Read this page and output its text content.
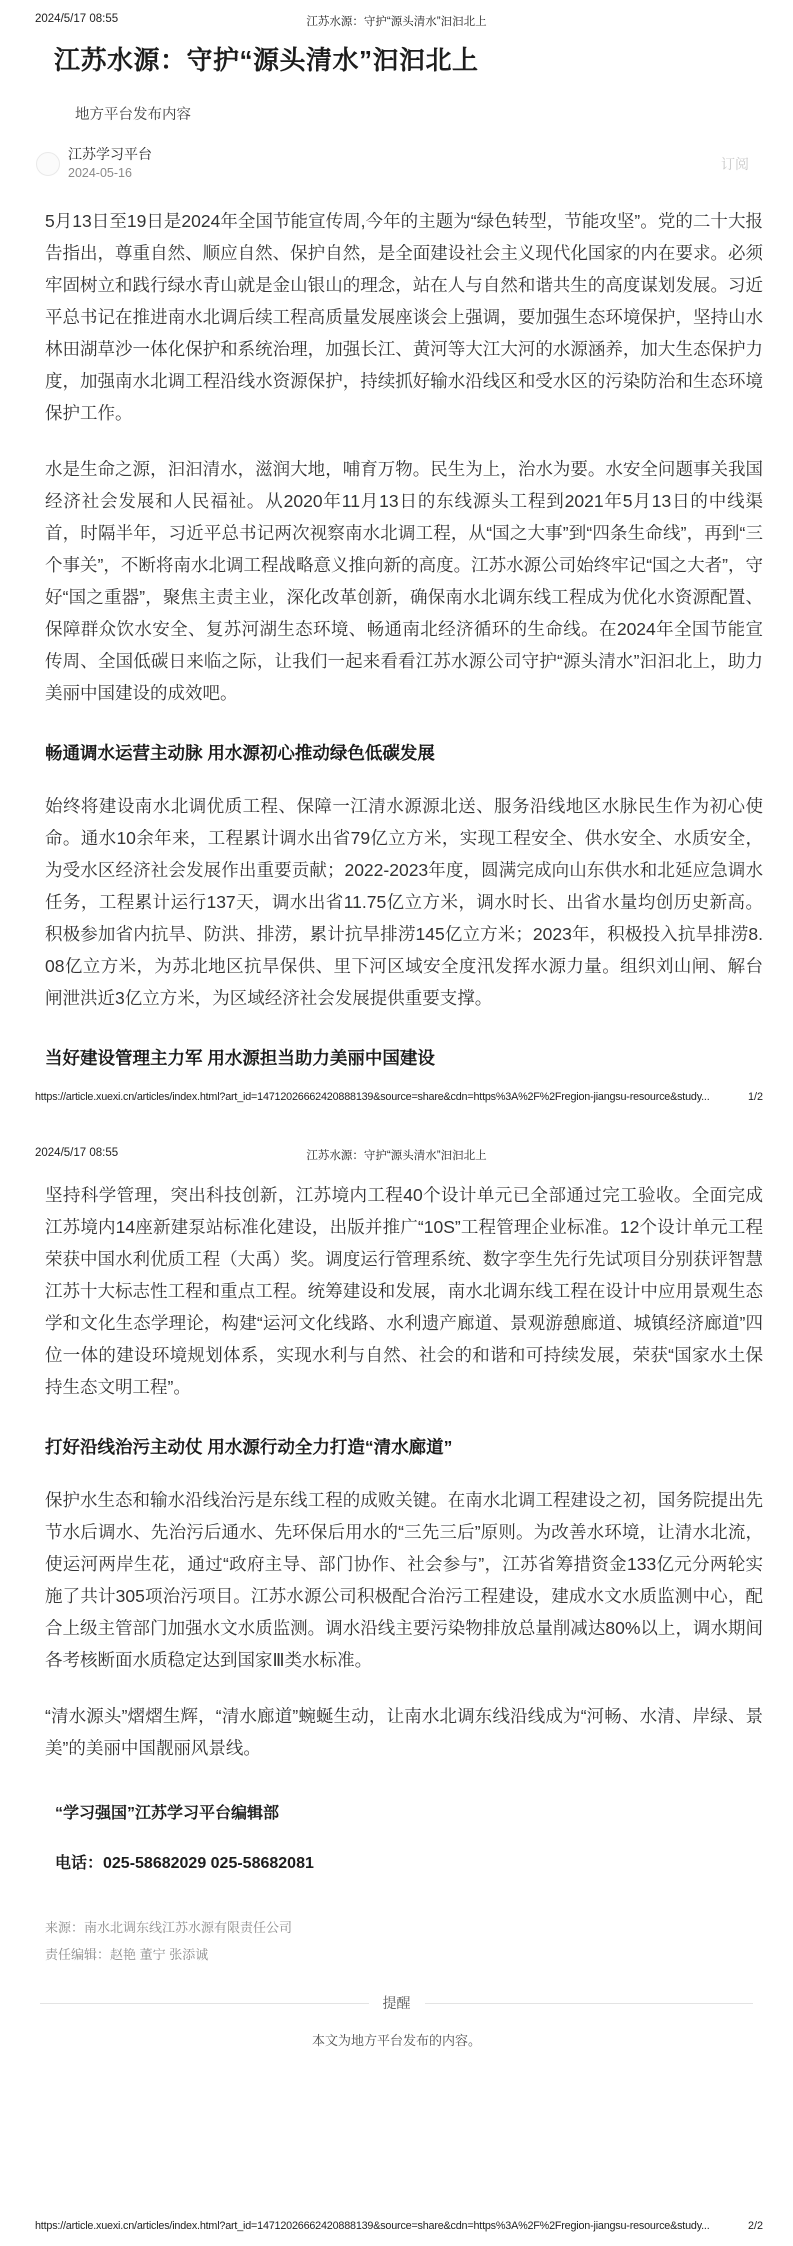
江苏水源：守护“源头清水”汩汩北上
2024/5/17 08:55
江苏水源：守护“源头清水”汩汩北上
地方平台发布内容
江苏学习平台
2024-05-16
订阅

5月13日至19日是2024年全国节能宣传周,今年的主题为“绿色转型，节能攻坚”。党的二十大报告指出，尊重自然、顺应自然、保护自然，是全面建设社会主义现代化国家的内在要求。必须牢固树立和践行绿水青山就是金山银山的理念，站在人与自然和谐共生的高度谋划发展。习近平总书记在推进南水北调后续工程高质量发展座谈会上强调，要加强生态环境保护，坚持山水林田湖草沙一体化保护和系统治理，加强长江、黄河等大江大河的水源涵养，加大生态保护力度，加强南水北调工程沿线水资源保护，持续抓好输水沿线区和受水区的污染防治和生态环境保护工作。

水是生命之源，汩汩清水，滋润大地，哺育万物。民生为上，治水为要。水安全问题事关我国经济社会发展和人民福祉。从2020年11月13日的东线源头工程到2021年5月13日的中线渠首，时隔半年，习近平总书记两次视察南水北调工程，从“国之大事”到“四条生命线”，再到“三个事关”，不断将南水北调工程战略意义推向新的高度。江苏水源公司始终牢记“国之大者”，守好“国之重器”，聚焦主责主业，深化改革创新，确保南水北调东线工程成为优化水资源配置、保障群众饮水安全、复苏河湖生态环境、畅通南北经济循环的生命线。在2024年全国节能宣传周、全国低碳日来临之际，让我们一起来看看江苏水源公司守护“源头清水”汩汩北上，助力美丽中国建设的成效吧。

畅通调水运营主动脉 用水源初心推动绿色低碳发展

始终将建设南水北调优质工程、保障一江清水源源北送、服务沿线地区水脉民生作为初心使命。通水10余年来，工程累计调水出省79亿立方米，实现工程安全、供水安全、水质安全，为受水区经济社会发展作出重要贡献；2022-2023年度，圆满完成向山东供水和北延应急调水任务，工程累计运行137天，调水出省11.75亿立方米，调水时长、出省水量均创历史新高。积极参加省内抗旱、防洪、排涝，累计抗旱排涝145亿立方米；2023年，积极投入抗旱排涝8.08亿立方米，为苏北地区抗旱保供、里下河区域安全度汛发挥水源力量。组织刘山闸、解台闸泄洪近3亿立方米，为区域经济社会发展提供重要支撑。

当好建设管理主力军 用水源担当助力美丽中国建设
https://article.xuexi.cn/articles/index.html?art_id=14712026662420888139&source=share&cdn=https%3A%2F%2Fregion-jiangsu-resource&study...	1/2
江苏水源：守护“源头清水”汩汩北上
2024/5/17 08:55

坚持科学管理，突出科技创新，江苏境内工程40个设计单元已全部通过完工验收。全面完成江苏境内14座新建泵站标准化建设，出版并推广“10S”工程管理企业标准。12个设计单元工程荣获中国水利优质工程（大禹）奖。调度运行管理系统、数字孪生先行先试项目分别获评智慧江苏十大标志性工程和重点工程。统筹建设和发展，南水北调东线工程在设计中应用景观生态学和文化生态学理论，构建“运河文化线路、水利遗产廊道、景观游憩廊道、城镇经济廊道”四位一体的建设环境规划体系，实现水利与自然、社会的和谐和可持续发展，荣获“国家水土保持生态文明工程”。

打好沿线治污主动仗 用水源行动全力打造“清水廊道”

保护水生态和输水沿线治污是东线工程的成败关键。在南水北调工程建设之初，国务院提出先节水后调水、先治污后通水、先环保后用水的“三先三后”原则。为改善水环境，让清水北流，使运河两岸生花，通过“政府主导、部门协作、社会参与”，江苏省筹措资金133亿元分两轮实施了共计305项治污项目。江苏水源公司积极配合治污工程建设，建成水文水质监测中心，配合上级主管部门加强水文水质监测。调水沿线主要污染物排放总量削减达80%以上，调水期间各考核断面水质稳定达到国家Ⅲ类水标准。

“清水源头”熠熠生辉，“清水廊道”蜿蜒生动，让南水北调东线沿线成为“河畅、水清、岸绿、景美”的美丽中国靓丽风景线。

“学习强国”江苏学习平台编辑部
电话：025-58682029 025-58682081
来源：南水北调东线江苏水源有限责任公司
责任编辑：赵艳 董宁 张添诚
提醒
本文为地方平台发布的内容。
https://article.xuexi.cn/articles/index.html?art_id=14712026662420888139&source=share&cdn=https%3A%2F%2Fregion-jiangsu-resource&study...	2/2
